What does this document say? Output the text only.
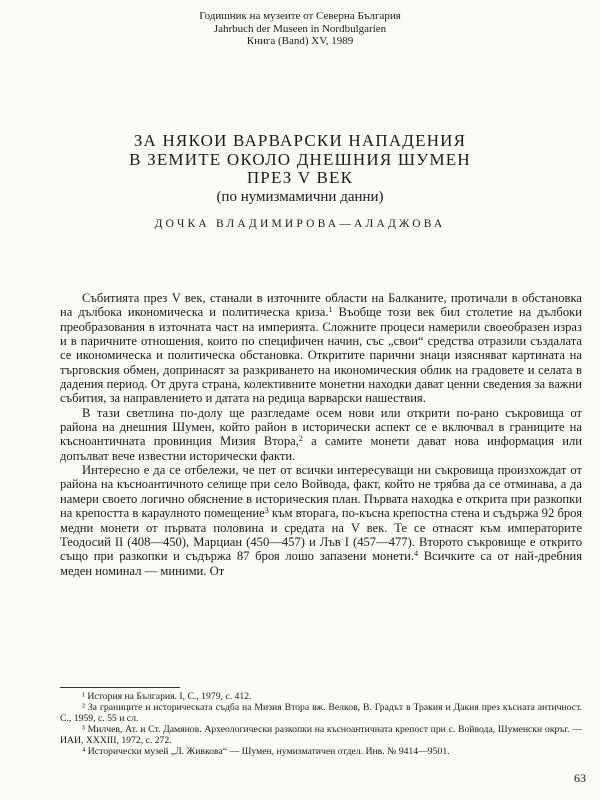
Годишник на музеите от Северна България
Jahrbuch der Museen in Nordbulgarien
Книга (Band) XV, 1989
ЗА НЯКОИ ВАРВАРСКИ НАПАДЕНИЯ
В ЗЕМИТЕ ОКОЛО ДНЕШНИЯ ШУМЕН
ПРЕЗ V ВЕК
(по нумизмамични данни)
ДОЧКА ВЛАДИМИРОВА—АЛАДЖОВА

Събитията през V век, станали в източните области на Балканите, протичали в обстановка на дълбока икономическа и политическа криза.$^1$ Въобще този век бил столетие на дълбоки преобразования в източната част на империята. Сложните процеси намерили своеобразен израз и в паричните отношения, които по специфичен начин, със „свои“ средства отразили създалата се икономическа и политическа обстановка. Откритите парични знаци изясняват картината на търговския обмен, допринасят за разкриването на икономическия облик на градовете и селата в дадения период. От друга страна, колективните монетни находки дават ценни сведения за важни събития, за направлението и датата на редица варварски нашествия.

В тази светлина по-долу ще разгледаме осем нови или открити по-рано съкровища от района на днешния Шумен, който район в исторически аспект се е включвал в границите на късноантичната провинция Мизия Втора,$^2$ а самите монети дават нова информация или допълват вече известни исторически факти.

Интересно е да се отбележи, че пет от всички интересуващи ни съкровища произхождат от района на късноантичното селище при село Войвода, факт, който не трябва да се отминава, а да намери своето логично обяснение в историческия план. Първата находка е открита при разкопки на крепостта в караулното помещение$^3$ към вторага, по-късна крепостна стена и съдържа 92 броя медни монети от първата половина и средата на V век. Те се отнасят към императорите Теодосий II (408—450), Марциан (450—457) и Лъв I (457—477). Второто съкровище е открито също при разкопки и съдържа 87 броя лошо запазени монети.$^4$ Всичките са от най-дребния меден номинал — миними. От

¹ История на България. I, С., 1979, с. 412.

² За границите и историческата съдба на Мизия Втора вж. Велков, В. Градът в Тракия и Дакия през късната античност. С., 1959, с. 55 и сл.

³ Милчев, Ат. и Ст. Дамянов. Археологически разкопки на късноантичната крепост при с. Войвода, Шуменски окръг. — ИАИ, XXXIII, 1972, с. 272.

⁴ Исторически музей „Л. Живкова“ — Шумен, нумизматичен отдел. Инв. № 9414—9501.

63
